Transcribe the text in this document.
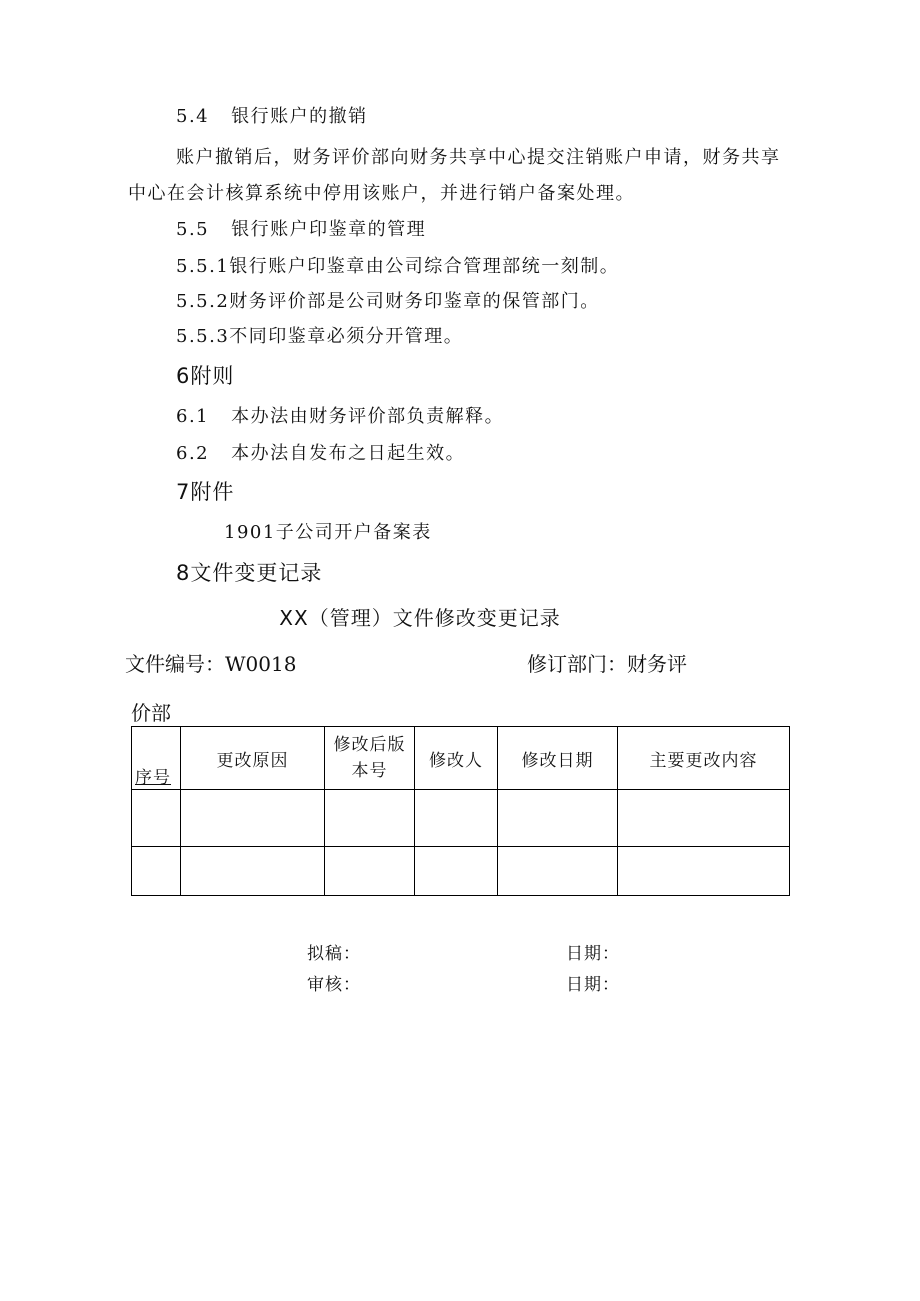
5.4 银行账户的撤销
账户撤销后，财务评价部向财务共享中心提交注销账户申请，财务共享
中心在会计核算系统中停用该账户，并进行销户备案处理。
5.5 银行账户印鉴章的管理
5.5.1银行账户印鉴章由公司综合管理部统一刻制。
5.5.2财务评价部是公司财务印鉴章的保管部门。
5.5.3不同印鉴章必须分开管理。
6附则
6.1 本办法由财务评价部负责解释。
6.2 本办法自发布之日起生效。
7附件
1901子公司开户备案表
8文件变更记录
XX（管理）文件修改变更记录
文件编号：W0018	修订部门：财务评
价部
序号	更改原因	修改后版
本号	修改人	修改日期	主要更改内容

拟稿：	日期：
审核：	日期：
